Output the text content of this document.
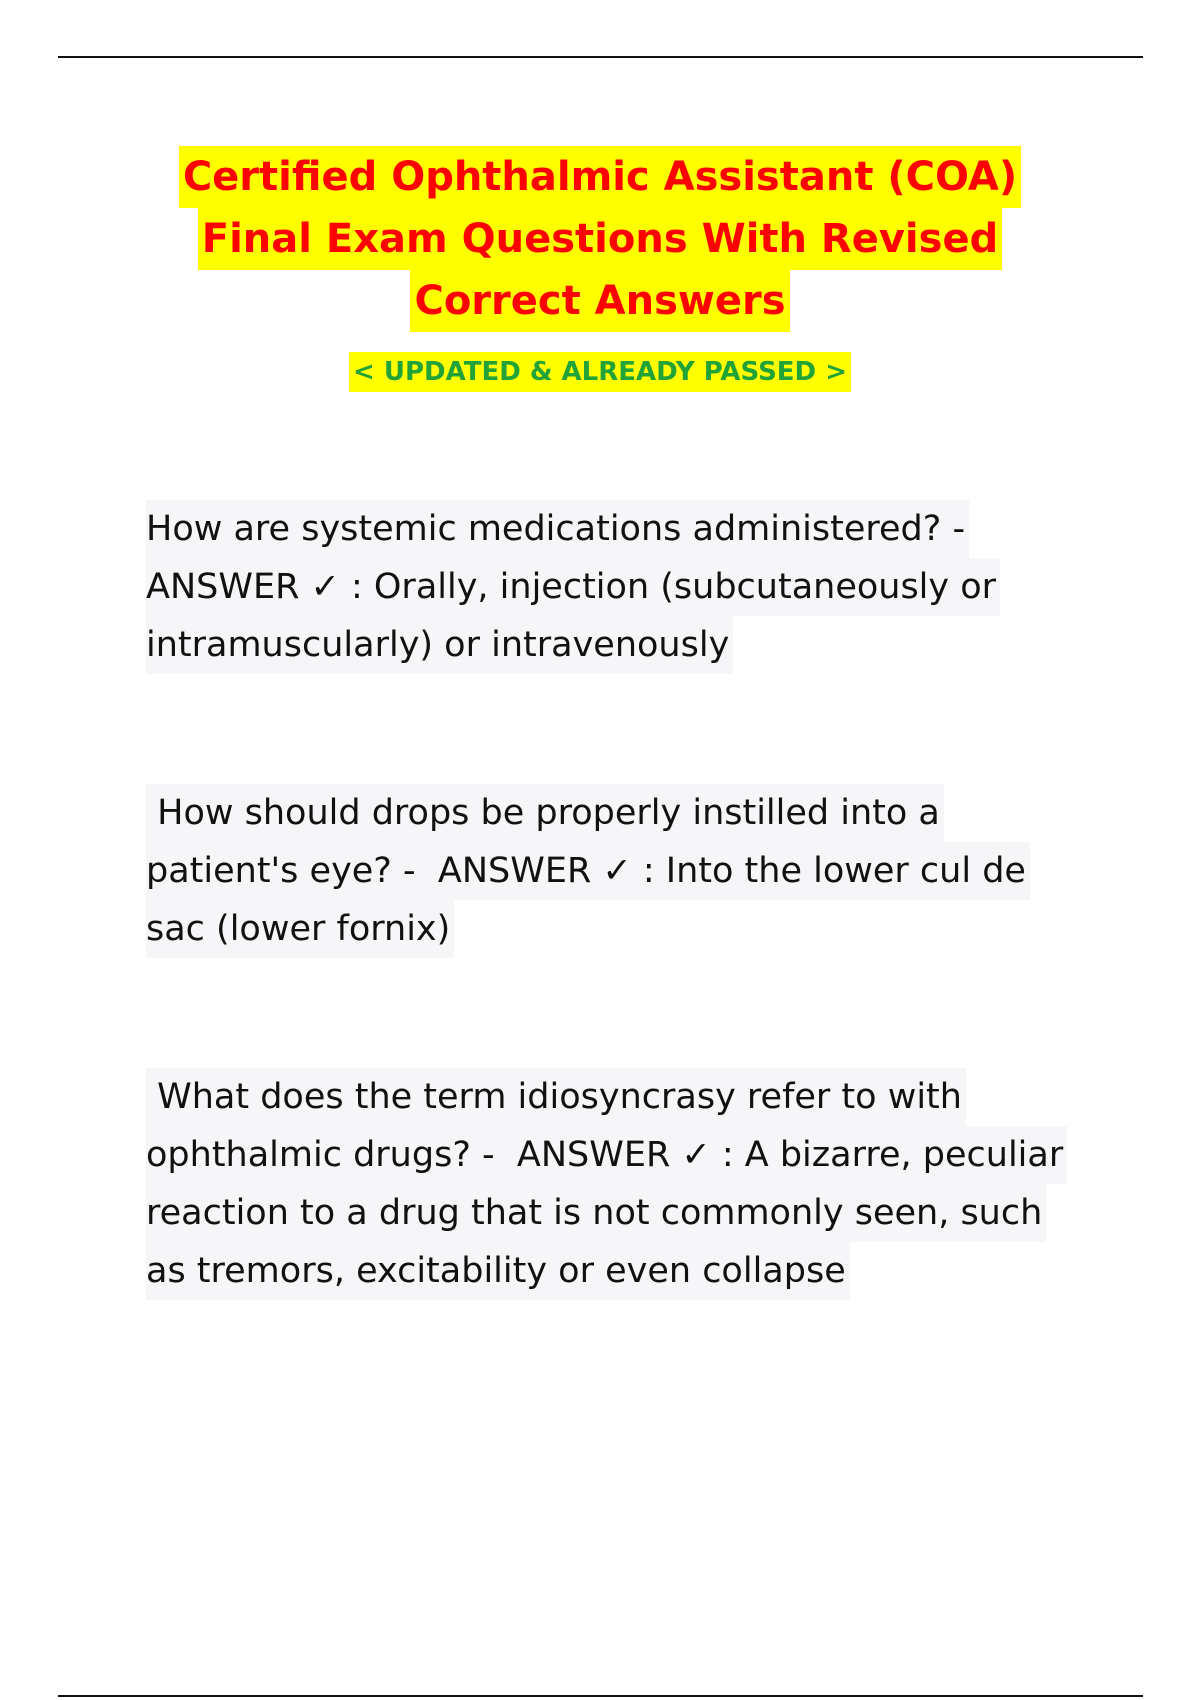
Certified Ophthalmic Assistant (COA)
Final Exam Questions With Revised
Correct Answers
< UPDATED & ALREADY PASSED >
How are systemic medications administered? -
ANSWER ✓ : Orally, injection (subcutaneously or
intramuscularly) or intravenously
How should drops be properly instilled into a
patient's eye? -  ANSWER ✓ : Into the lower cul de
sac (lower fornix)
What does the term idiosyncrasy refer to with
ophthalmic drugs? -  ANSWER ✓ : A bizarre, peculiar
reaction to a drug that is not commonly seen, such
as tremors, excitability or even collapse
